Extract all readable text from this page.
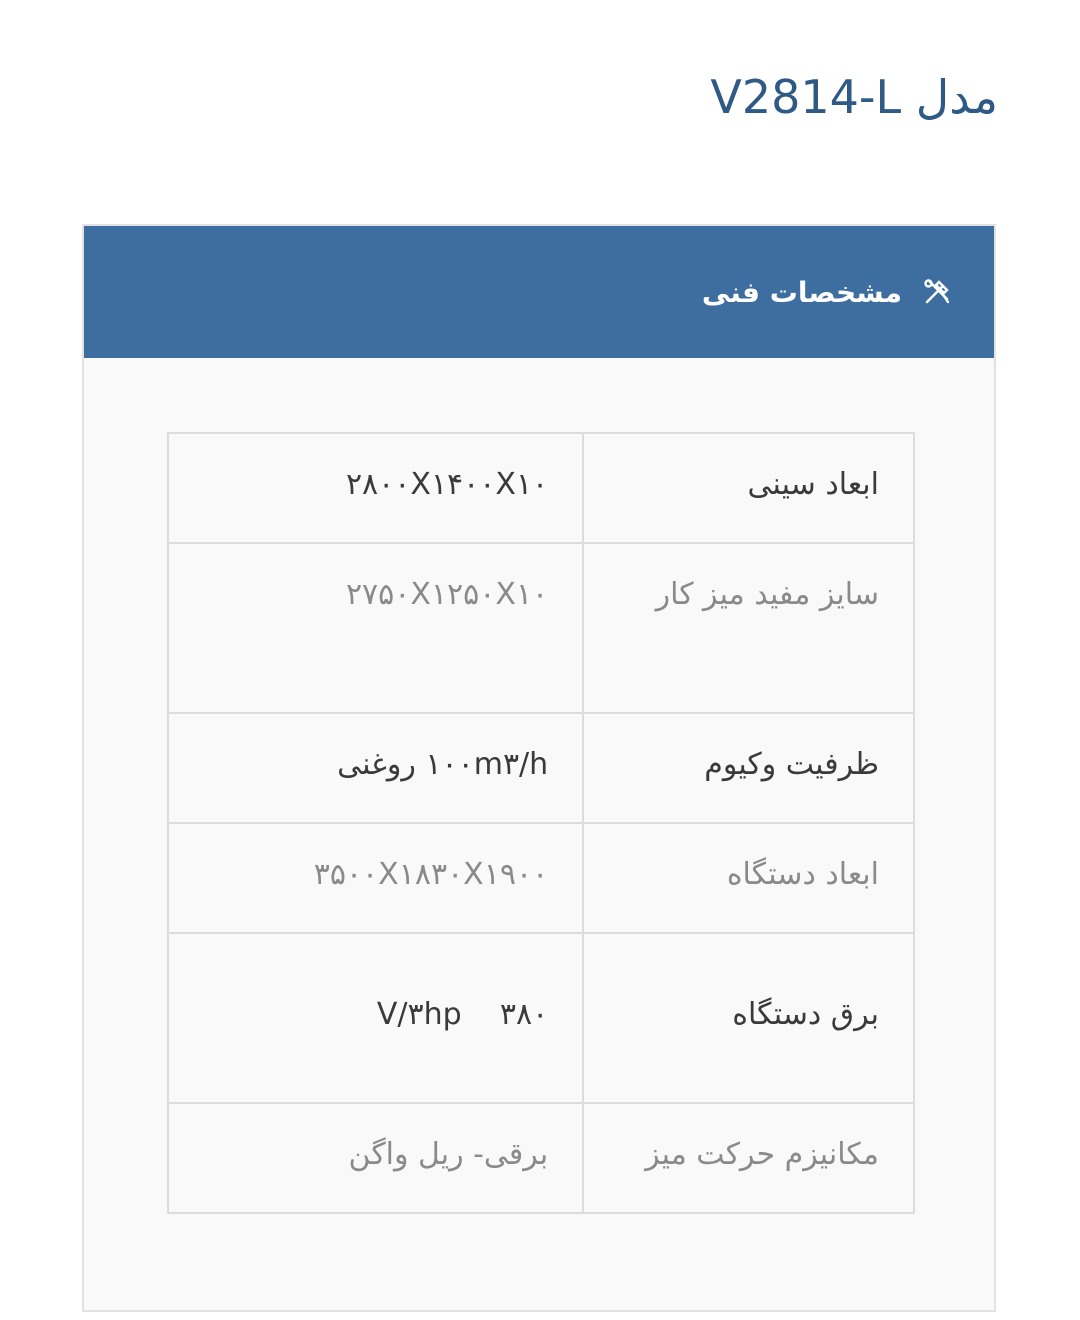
مدل V2814-L
مشخصات فنی
ابعاد سینی	۲۸۰۰X۱۴۰۰X۱۰

سایز مفید میز کار	۲۷۵۰X۱۲۵۰X۱۰

ظرفیت وکیوم	۱۰۰m۳/h روغنی

ابعاد دستگاه	۳۵۰۰X۱۸۳۰X۱۹۰۰

برق دستگاه	۳۸۰    V/۳hp

مکانیزم حرکت میز	برقی- ریل واگن
